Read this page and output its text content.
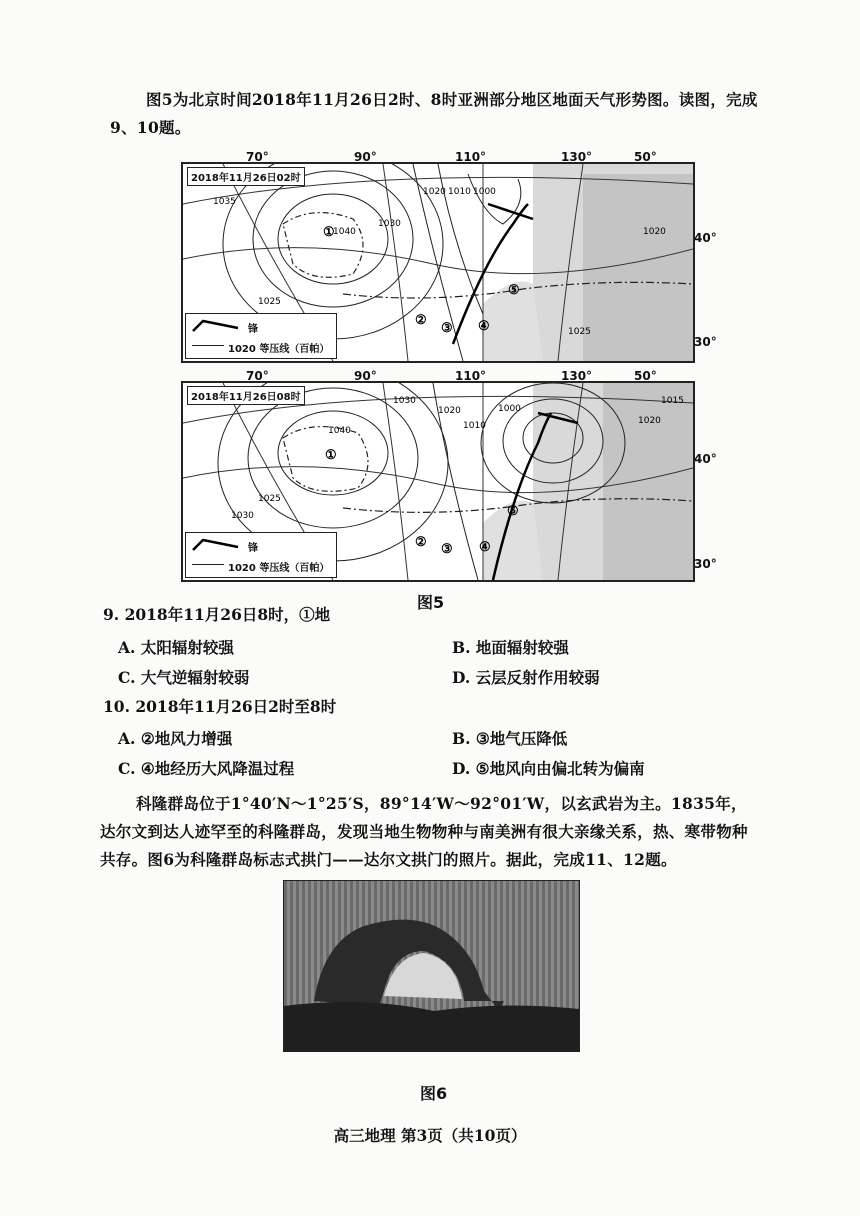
图5为北京时间2018年11月26日2时、8时亚洲部分地区地面天气形势图。读图，完成9、10题。
1040
1030
1035
1020 1010 1000
1025
1020
1025
①
②
③ ④
⑤
2018年11月26日02时
锋
1020 等压线（百帕）
70°	90°	110°	130°	50°
40°
30°
1030
1040
1020
1010
1000
1025
1030
1015
1020
①
② ③ ④
⑤
2018年11月26日08时
锋
1020 等压线（百帕）
70°	90°	110°	130°	50°
40°
30°
图5
9. 2018年11月26日8时，①地
A. 太阳辐射较强	B. 地面辐射较强
C. 大气逆辐射较弱	D. 云层反射作用较弱
10. 2018年11月26日2时至8时
A. ②地风力增强	B. ③地气压降低
C. ④地经历大风降温过程	D. ⑤地风向由偏北转为偏南
科隆群岛位于1°40′N～1°25′S，89°14′W～92°01′W，以玄武岩为主。1835年，达尔文到达人迹罕至的科隆群岛，发现当地生物物种与南美洲有很大亲缘关系，热、寒带物种共存。图6为科隆群岛标志式拱门——达尔文拱门的照片。据此，完成11、12题。
图6
高三地理 第3页（共10页）
